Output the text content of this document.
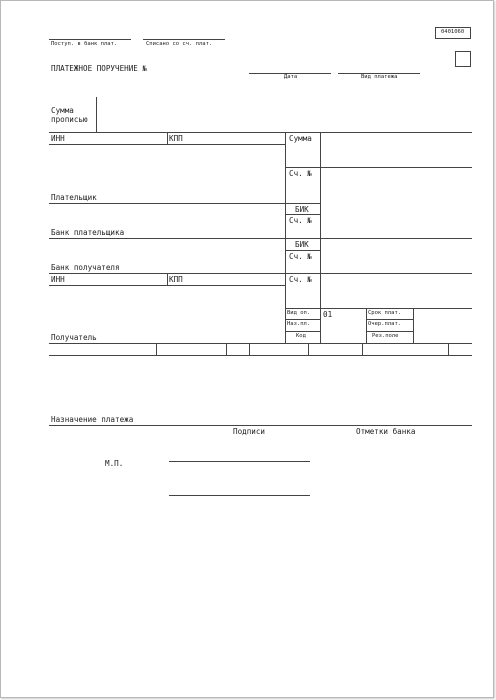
Поступ. в банк плат.	Списано со сч. плат.
0401060
ПЛАТЕЖНОЕ ПОРУЧЕНИЕ №
Дата	Вид платежа
Сумма
прописью
ИНН	КПП	Сумма
Сч. №
Плательщик
БИК
Сч. №
Банк плательщика
БИК
Сч. №
Банк получателя
ИНН	КПП	Сч. №
Получатель
Вид оп. 01	Срок плат.
Наз.пл.	Очер.плат.
Код	Рез.поле
Назначение платежа
Подписи	Отметки банка
М.П.
